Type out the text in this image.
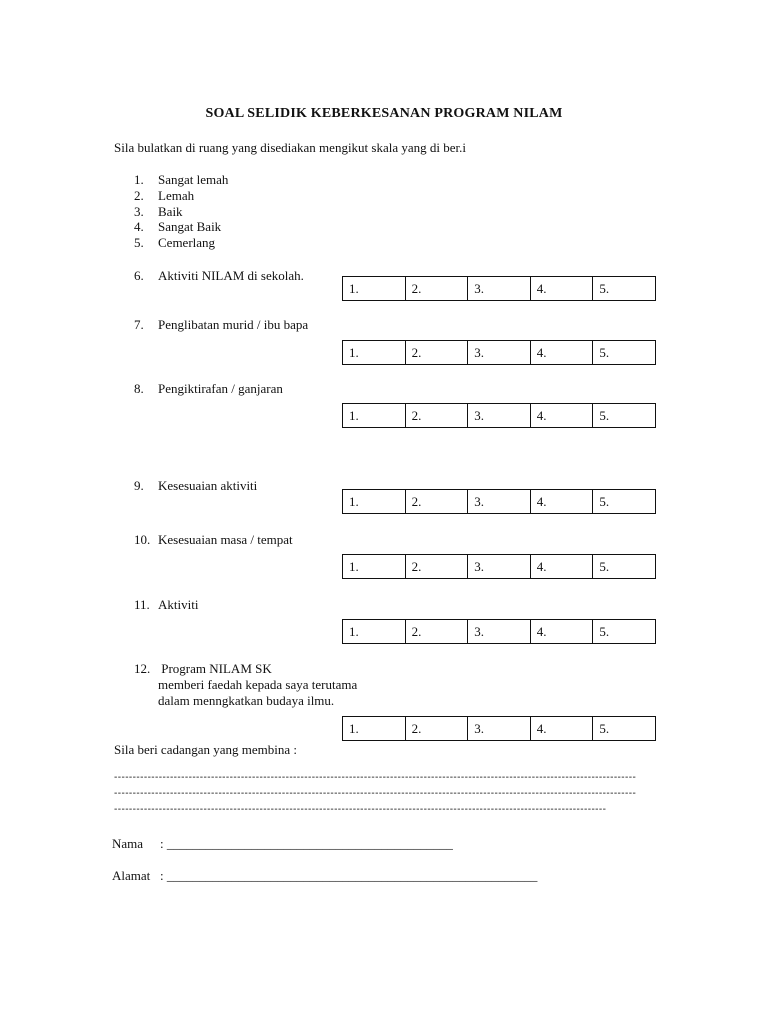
SOAL SELIDIK KEBERKESANAN PROGRAM NILAM
Sila bulatkan di ruang yang disediakan mengikut skala yang di ber.i
1. Sangat lemah
2. Lemah
3. Baik
4. Sangat Baik
5. Cemerlang
6. Aktiviti NILAM di sekolah.
1.	2.	3.	4.	5.
7. Penglibatan murid / ibu bapa
1.	2.	3.	4.	5.
8. Pengiktirafan / ganjaran
1.	2.	3.	4.	5.
9. Kesesuaian aktiviti
1.	2.	3.	4.	5.
10. Kesesuaian masa / tempat
1.	2.	3.	4.	5.
11. Aktiviti
1.	2.	3.	4.	5.
12. Program NILAM SK
memberi faedah kepada saya terutama
dalam menngkatkan budaya ilmu.
1.	2.	3.	4.	5.
Sila beri cadangan yang membina :
--------------------------------------------------------------------------------------------------------------------------------------------
--------------------------------------------------------------------------------------------------------------------------------------------
------------------------------------------------------------------------------------------------------------------------------------
Nama : ____________________________________________
Alamat : _________________________________________________________
